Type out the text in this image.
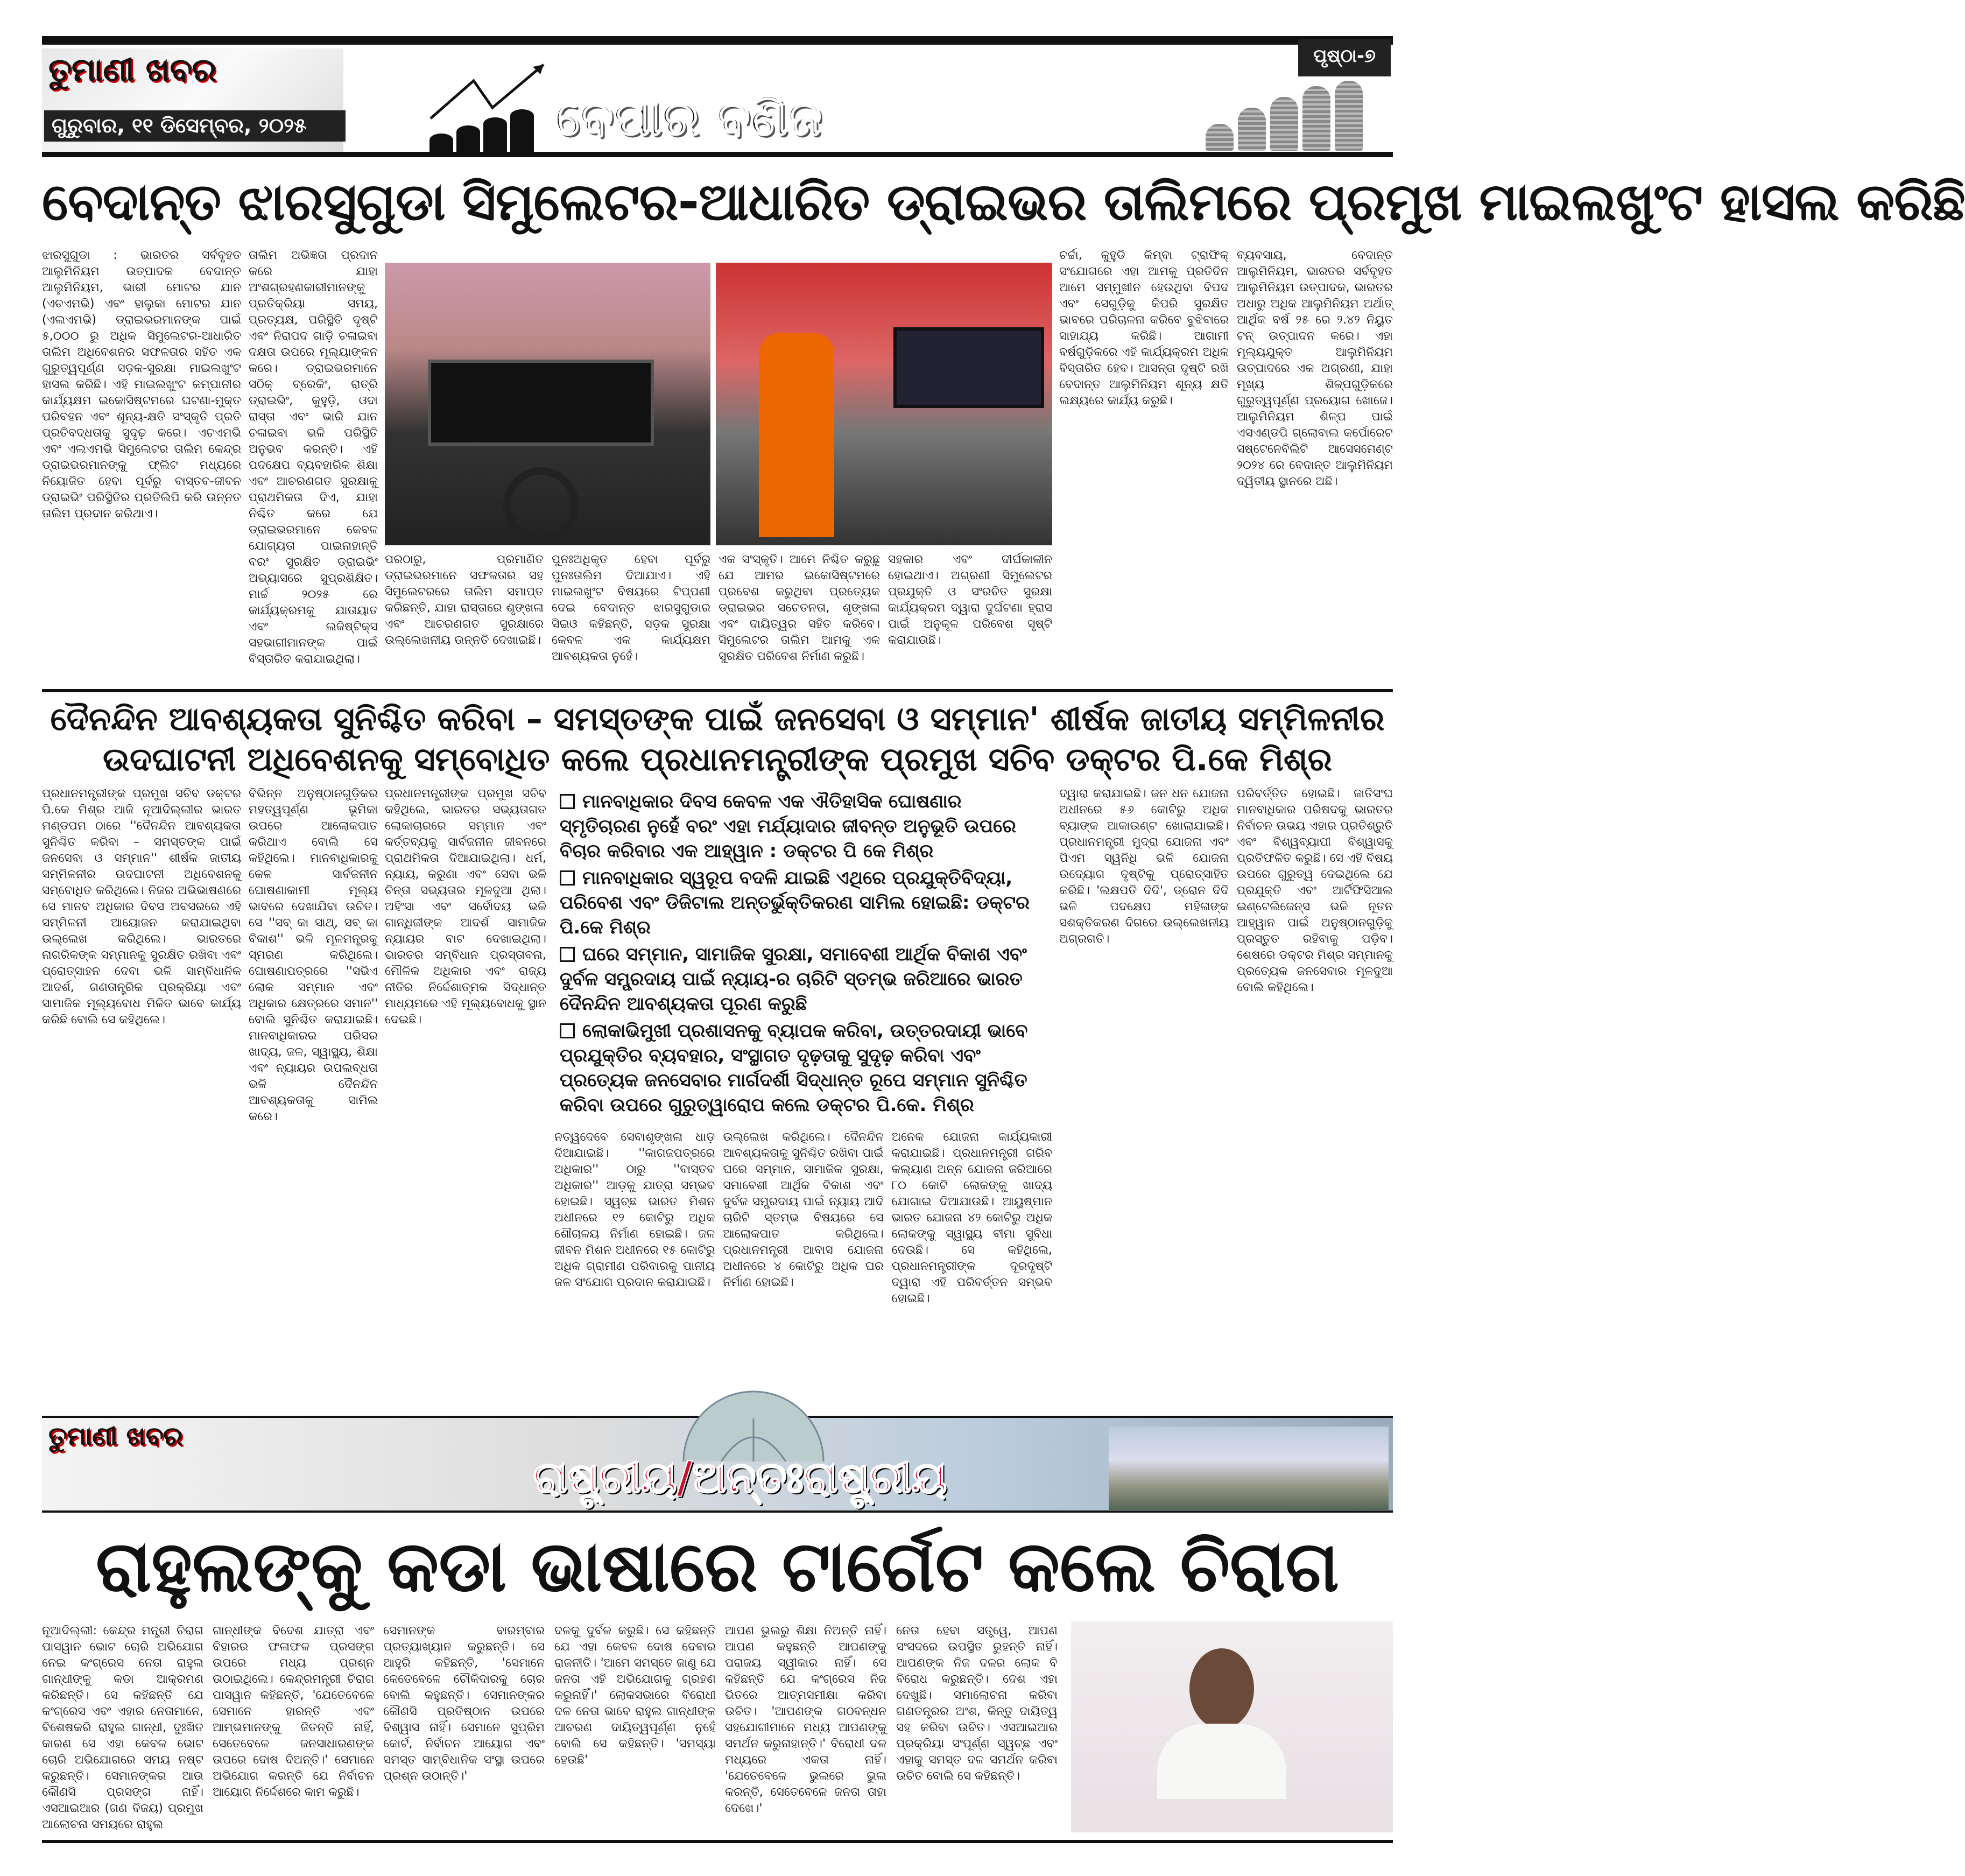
ତୁମାଣୀ ଖବର
ଗୁରୁବାର, ୧୧ ଡିସେମ୍ବର, ୨୦୨୫	ବେପାର ବଣିଜ
ପୃଷ୍ଠା-୭
ବେଦାନ୍ତ ଝାରସୁଗୁଡା ସିମୁଲେଟର-ଆଧାରିତ ଡ୍ରାଇଭର ତାଲିମରେ ପ୍ରମୁଖ ମାଇଲଖୁଂଟ ହାସଲ କରିଛି
ଝାରସୁଗୁଡା : ଭାରତର ସର୍ବବୃହତ ଆଲୁମିନିୟମ ଉତ୍ପାଦକ ବେଦାନ୍ତ ଆଲୁମିନିୟମ, ଭାରୀ ମୋଟର ଯାନ (ଏଚଏମଭି) ଏବଂ ହାଲୁକା ମୋଟର ଯାନ (ଏଲଏମଭି) ଡ୍ରାଇଭରମାନଙ୍କ ପାଇଁ ୫,୦୦୦ ରୁ ଅଧିକ ସିମୁଲେଟର-ଆଧାରିତ ତାଲିମ ଅଧିବେଶନର ସଫଳତାର ସହିତ ଏକ ଗୁରୁତ୍ୱପୂର୍ଣ୍ଣ ସଡ଼କ-ସୁରକ୍ଷା ମାଇଲଖୁଂଟ ହାସଲ କରିଛି। ଏହି ମାଇଲଖୁଂଟ କମ୍ପାନୀର କାର୍ଯ୍ୟକ୍ଷମ ଇକୋସିଷ୍ଟମରେ ଘଟଣା-ମୁକ୍ତ ପରିବହନ ଏବଂ ଶୂନ୍ୟ-କ୍ଷତି ସଂସ୍କୃତି ପ୍ରତି ପ୍ରତିବଦ୍ଧତାକୁ ସୁଦୃଢ଼ କରେ। ଏଚଏମଭି ଏବଂ ଏଲଏମଭି ସିମୁଲେଟର ତାଲିମ କେନ୍ଦ୍ର ଡ୍ରାଇଭରମାନଙ୍କୁ ଫ୍ଲିଟ ମଧ୍ୟରେ ନିୟୋଜିତ ହେବା ପୂର୍ବରୁ ବାସ୍ତବ-ଜୀବନ ଡ୍ରାଇଭିଂ ପରିସ୍ଥିତିର ପ୍ରତିଲିପି କରି ଉନ୍ନତ ତାଲିମ ପ୍ରଦାନ କରିଥାଏ।
ତାଲିମ ଅଭିଜ୍ଞତା ପ୍ରଦାନ କରେ ଯାହା ଅଂଶଗ୍ରହଣକାରୀମାନଙ୍କୁ ପ୍ରତିକ୍ରିୟା ସମୟ, ପ୍ରତ୍ୟକ୍ଷ, ପରିସ୍ଥିତି ଦୃଷ୍ଟି ଏବଂ ନିରାପଦ ଗାଡ଼ି ଚଳାଇବା ଦକ୍ଷତା ଉପରେ ମୂଲ୍ୟାଙ୍କନ କରେ। ଡ୍ରାଇଭରମାନେ ସଠିକ୍ ବ୍ରେକିଂ, ରାତ୍ରି ଡ୍ରାଇଭିଂ, କୁହୁଡ଼ି, ଓଦା ରାସ୍ତା ଏବଂ ଭାରି ଯାନ ଚଳାଇବା ଭଳି ପରିସ୍ଥିତି ଅନୁଭବ କରନ୍ତି। ଏହି ପଦକ୍ଷେପ ବ୍ୟବହାରିକ ଶିକ୍ଷା ଏବଂ ଆଚରଣଗତ ସୁରକ୍ଷାକୁ ପ୍ରାଥମିକତା ଦିଏ, ଯାହା ନିଶ୍ଚିତ କରେ ଯେ ଡ୍ରାଇଭରମାନେ କେବଳ ଯୋଗ୍ୟତା ପାଇନାହାନ୍ତି ବରଂ ସୁରକ୍ଷିତ ଡ୍ରାଇଭିଂ ଅଭ୍ୟାସରେ ସୁପ୍ରଶିକ୍ଷିତ। ମାର୍ଚ୍ଚ ୨୦୨୫ ରେ କାର୍ଯ୍ୟକ୍ରମକୁ ଯାତାୟାତ ଏବଂ ଲଜିଷ୍ଟିକ୍ସ ସହଭାଗୀମାନଙ୍କ ପାଇଁ ବିସ୍ତାରିତ କରାଯାଇଥିଲା।
ପରଠାରୁ, ପ୍ରମାଣିତ ଡ୍ରାଇଭରମାନେ ସଫଳତାର ସହ ସିମୁଲେଟରରେ ତାଲିମ ସମାପ୍ତ କରିଛନ୍ତି, ଯାହା ରାସ୍ତାରେ ଶୃଙ୍ଖଳା ଏବଂ ଆଚରଣଗତ ସୁରକ୍ଷାରେ ଉଲ୍ଲେଖନୀୟ ଉନ୍ନତି ଦେଖାଇଛି।
ପୁନଃଅଧିକୃତ ହେବା ପୂର୍ବରୁ ପୁନଃତାଲିମ ଦିଆଯାଏ। ଏହି ମାଇଲଖୁଂଟ ବିଷୟରେ ଟିପ୍ପଣୀ ଦେଇ ବେଦାନ୍ତ ଝାରସୁଗୁଡାର ସିଇଓ କହିଛନ୍ତି, ସଡ଼କ ସୁରକ୍ଷା କେବଳ ଏକ କାର୍ଯ୍ୟକ୍ଷମ ଆବଶ୍ୟକତା ନୁହେଁ।
ଏକ ସଂସ୍କୃତି। ଆମେ ନିଶ୍ଚିତ କରୁଛୁ ଯେ ଆମର ଇକୋସିଷ୍ଟମରେ ପ୍ରବେଶ କରୁଥିବା ପ୍ରତ୍ୟେକ ଡ୍ରାଇଭର ସଚେତନତା, ଶୃଙ୍ଖଳା ଏବଂ ଦାୟିତ୍ୱର ସହିତ କରିବେ। ସିମୁଲେଟର ତାଲିମ ଆମକୁ ଏକ ସୁରକ୍ଷିତ ପରିବେଶ ନିର୍ମାଣ କରୁଛି।
ସହକାର ଏବଂ ଦୀର୍ଘକାଳୀନ ହୋଇଥାଏ। ଅଗ୍ରଣୀ ସିମୁଲେଟର ପ୍ରଯୁକ୍ତି ଓ ସଂରଚିତ ସୁରକ୍ଷା କାର୍ଯ୍ୟକ୍ରମ ଦ୍ୱାରା ଦୁର୍ଘଟଣା ହ୍ରାସ ପାଇଁ ଅନୁକୂଳ ପରିବେଶ ସୃଷ୍ଟି କରାଯାଉଛି।
ଚର୍ଚ୍ଚା, କୁହୁଡି କିମ୍ବା ଟ୍ରାଫିକ୍ ସଂଯୋଗରେ ଏହା ଆମକୁ ପ୍ରତିଦିନ ଆମେ ସମ୍ମୁଖୀନ ହେଉଥିବା ବିପଦ ଏବଂ ସେଗୁଡ଼ିକୁ କିପରି ସୁରକ୍ଷିତ ଭାବରେ ପରିଚାଳନା କରିବେ ବୁଝିବାରେ ସାହାଯ୍ୟ କରିଛି। ଆଗାମୀ ବର୍ଷଗୁଡ଼ିକରେ ଏହି କାର୍ଯ୍ୟକ୍ରମ ଅଧିକ ବିସ୍ତାରିତ ହେବ। ଆସନ୍ତା ଦୃଷ୍ଟି ରଖି ବେଦାନ୍ତ ଆଲୁମିନିୟମ ଶୂନ୍ୟ କ୍ଷତି ଲକ୍ଷ୍ୟରେ କାର୍ଯ୍ୟ କରୁଛି।
ବ୍ୟବସାୟ, ବେଦାନ୍ତ ଆଲୁମିନିୟମ, ଭାରତର ସର୍ବବୃହତ ଆଲୁମିନିୟମ ଉତ୍ପାଦକ, ଭାରତର ଅଧାରୁ ଅଧିକ ଆଲୁମିନିୟମ ଅର୍ଥାତ୍ ଆର୍ଥିକ ବର୍ଷ ୨୫ ରେ ୨.୪୨ ନିୟୁତ ଟନ୍ ଉତ୍ପାଦନ କରେ। ଏହା ମୂଲ୍ୟଯୁକ୍ତ ଆଲୁମିନିୟମ ଉତ୍ପାଦରେ ଏକ ଅଗ୍ରଣୀ, ଯାହା ମୂଖ୍ୟ ଶିଳ୍ପଗୁଡ଼ିକରେ ଗୁରୁତ୍ୱପୂର୍ଣ୍ଣ ପ୍ରୟୋଗ ଖୋଜେ। ଆଲୁମିନିୟମ ଶିଳ୍ପ ପାଇଁ ଏସଏଣ୍ଡପି ଗ୍ଲୋବାଲ କର୍ପୋରେଟ ସଷ୍ଟେନେବିଲିଟି ଆସେସମେଣ୍ଟ ୨୦୨୪ ରେ ବେଦାନ୍ତ ଆଲୁମିନିୟମ ଦ୍ୱିତୀୟ ସ୍ଥାନରେ ଅଛି।
ଦୈନନ୍ଦିନ ଆବଶ୍ୟକତା ସୁନିଶ୍ଚିତ କରିବା – ସମସ୍ତଙ୍କ ପାଇଁ ଜନସେବା ଓ ସମ୍ମାନ' ଶୀର୍ଷକ ଜାତୀୟ ସମ୍ମିଳନୀର
ଉଦଘାଟନୀ ଅଧିବେଶନକୁ ସମ୍ବୋଧିତ କଲେ ପ୍ରଧାନମନ୍ତ୍ରୀଙ୍କ ପ୍ରମୁଖ ସଚିବ ଡକ୍ଟର ପି.କେ ମିଶ୍ର
ପ୍ରଧାନମନ୍ତ୍ରୀଙ୍କ ପ୍ରମୁଖ ସଚିବ ଡକ୍ଟର ପି.କେ ମିଶ୍ର ଆଜି ନୂଆଦିଲ୍ଲୀର ଭାରତ ମଣ୍ଡପମ ଠାରେ ''ଦୈନନ୍ଦିନ ଆବଶ୍ୟକତା ସୁନିଶ୍ଚିତ କରିବା – ସମସ୍ତଙ୍କ ପାଇଁ ଜନସେବା ଓ ସମ୍ମାନ'' ଶୀର୍ଷକ ଜାତୀୟ ସମ୍ମିଳନୀର ଉଦଘାଟନୀ ଅଧିବେଶନକୁ ସମ୍ବୋଧିତ କରିଥିଲେ। ନିଜର ଅଭିଭାଷଣରେ ସେ ମାନବ ଅଧିକାର ଦିବସ ଅବସରରେ ଏହି ସମ୍ମିଳନୀ ଆୟୋଜନ କରାଯାଇଥିବା ଉଲ୍ଲେଖ କରିଥିଲେ। ଭାରତରେ ନାଗରିକଙ୍କ ସମ୍ମାନକୁ ସୁରକ୍ଷିତ ରଖିବା ଏବଂ ପ୍ରୋତ୍ସାହନ ଦେବା ଭଳି ସାମ୍ବିଧାନିକ ଆଦର୍ଶ, ଗଣତାନ୍ତ୍ରିକ ପ୍ରକ୍ରିୟା ଏବଂ ସାମାଜିକ ମୂଲ୍ୟବୋଧ ମିଳିତ ଭାବେ କାର୍ଯ୍ୟ କରିଛି ବୋଲି ସେ କହିଥିଲେ।
ବିଭିନ୍ନ ଅନୁଷ୍ଠାନଗୁଡ଼ିକର ମହତ୍ୱପୂର୍ଣ୍ଣ ଭୂମିକା ଉପରେ ଆଲୋକପାତ କରିଥାଏ ବୋଲି ସେ କହିଥିଲେ। ମାନବାଧିକାରକୁ କେଳ ସାର୍ବଜନୀନ ଘୋଷଣାକାମୀ ମୂଲ୍ୟ ଭାବରେ ଦେଖାଯିବା ଉଚିତ। ସେ ''ସବ୍ କା ସାଥ୍, ସବ୍ କା ବିକାଶ'' ଭଳି ମୂଳମନ୍ତ୍ରକୁ ସ୍ମରଣ କରିଥିଲେ। ଘୋଷଣାପତ୍ରରେ ''ସଭିଏ ଲୋକ ସମ୍ମାନ ଏବଂ ଅଧିକାର କ୍ଷେତ୍ରରେ ସମାନ'' ବୋଲି ସୁନିଶ୍ଚିତ କରାଯାଇଛି। ମାନବାଧିକାରର ପରିସର ଖାଦ୍ୟ, ଜଳ, ସ୍ୱାସ୍ଥ୍ୟ, ଶିକ୍ଷା ଏବଂ ନ୍ୟାୟର ଉପଲବ୍ଧତା ଭଳି ଦୈନନ୍ଦିନ ଆବଶ୍ୟକତାକୁ ସାମିଲ କରେ।
ପ୍ରଧାନମନ୍ତ୍ରୀଙ୍କ ପ୍ରମୁଖ ସଚିବ କହିଥିଲେ, ଭାରତର ସଭ୍ୟତାଗତ ଲୋକାଚାରରେ ସମ୍ମାନ ଏବଂ କର୍ତ୍ତବ୍ୟକୁ ସାର୍ବଜନୀନ ଜୀବନରେ ପ୍ରାଥମିକତା ଦିଆଯାଇଥିଲା। ଧର୍ମ, ନ୍ୟାୟ, କରୁଣା ଏବଂ ସେବା ଭଳି ଚିନ୍ତା ସଭ୍ୟତାର ମୂଳଦୁଆ ଥିଲା। ଅହିଂସା ଏବଂ ସର୍ବୋଦୟ ଭଳି ଗାନ୍ଧିଜୀଙ୍କ ଆଦର୍ଶ ସାମାଜିକ ନ୍ୟାୟର ବାଟ ଦେଖାଇଥିଲା। ଭାରତର ସମ୍ବିଧାନ ପ୍ରସ୍ତାବନା, ମୌଳିକ ଅଧିକାର ଏବଂ ରାଜ୍ୟ ନୀତିର ନିର୍ଦ୍ଦେଶାତ୍ମକ ସିଦ୍ଧାନ୍ତ ମାଧ୍ୟମରେ ଏହି ମୂଲ୍ୟବୋଧକୁ ସ୍ଥାନ ଦେଇଛି।

ମାନବାଧିକାର ଦିବସ କେବଳ ଏକ ଐତିହାସିକ ଘୋଷଣାର ସ୍ମୃତିଚାରଣ ନୁହେଁ ବରଂ ଏହା ମର୍ଯ୍ୟାଦାର ଜୀବନ୍ତ ଅନୁଭୂତି ଉପରେ ବିଚାର କରିବାର ଏକ ଆହ୍ୱାନ : ଡକ୍ଟର ପି କେ ମିଶ୍ର

ମାନବାଧିକାର ସ୍ୱରୂପ ବଦଳି ଯାଇଛି ଏଥିରେ ପ୍ରଯୁକ୍ତିବିଦ୍ୟା, ପରିବେଶ ଏବଂ ଡିଜିଟାଲ ଅନ୍ତର୍ଭୁକ୍ତିକରଣ ସାମିଲ ହୋଇଛି: ଡକ୍ଟର ପି.କେ ମିଶ୍ର

ଘରେ ସମ୍ମାନ, ସାମାଜିକ ସୁରକ୍ଷା, ସମାବେଶୀ ଆର୍ଥିକ ବିକାଶ ଏବଂ ଦୁର୍ବଳ ସମ୍ପ୍ରଦାୟ ପାଇଁ ନ୍ୟାୟ-ର ଚାରିଟି ସ୍ତମ୍ଭ ଜରିଆରେ ଭାରତ ଦୈନନ୍ଦିନ ଆବଶ୍ୟକତା ପୂରଣ କରୁଛି

ଲୋକାଭିମୁଖୀ ପ୍ରଶାସନକୁ ବ୍ୟାପକ କରିବା, ଉତ୍ତରଦାୟୀ ଭାବେ ପ୍ରଯୁକ୍ତିର ବ୍ୟବହାର, ସଂସ୍ଥାଗତ ଦୃଢ଼ତାକୁ ସୁଦୃଢ଼ କରିବା ଏବଂ ପ୍ରତ୍ୟେକ ଜନସେବାର ମାର୍ଗଦର୍ଶୀ ସିଦ୍ଧାନ୍ତ ରୂପେ ସମ୍ମାନ ସୁନିଶ୍ଚିତ କରିବା ଉପରେ ଗୁରୁତ୍ୱାରୋପ କଲେ ଡକ୍ଟର ପି.କେ. ମିଶ୍ର

ନତ୍ୱଦେବେ ସେବାଶୃଙ୍ଖଳା ଧାଡ଼ ଦିଆଯାଇଛି। ''କାଗଜପତ୍ରରେ ଅଧିକାର'' ଠାରୁ ''ବାସ୍ତବ ଅଧିକାର'' ଆଡ଼କୁ ଯାତ୍ରା ସମ୍ଭବ ହୋଇଛି। ସ୍ୱଚ୍ଛ ଭାରତ ମିଶନ ଅଧୀନରେ ୧୨ କୋଟିରୁ ଅଧିକ ଶୌଚାଳୟ ନିର୍ମାଣ ହୋଇଛି। ଜଳ ଜୀବନ ମିଶନ ଅଧୀନରେ ୧୫ କୋଟିରୁ ଅଧିକ ଗ୍ରାମୀଣ ପରିବାରକୁ ପାନୀୟ ଜଳ ସଂଯୋଗ ପ୍ରଦାନ କରାଯାଇଛି।
ଉଲ୍ଲେଖ କରିଥିଲେ। ଦୈନନ୍ଦିନ ଆବଶ୍ୟକତାକୁ ସୁନିଶ୍ଚିତ ରଖିବା ପାଇଁ ଘରେ ସମ୍ମାନ, ସାମାଜିକ ସୁରକ୍ଷା, ସମାବେଶୀ ଆର୍ଥିକ ବିକାଶ ଏବଂ ଦୁର୍ବଳ ସମ୍ପ୍ରଦାୟ ପାଇଁ ନ୍ୟାୟ ଆଦି ଚାରିଟି ସ୍ତମ୍ଭ ବିଷୟରେ ସେ ଆଲୋକପାତ କରିଥିଲେ। ପ୍ରଧାନମନ୍ତ୍ରୀ ଆବାସ ଯୋଜନା ଅଧୀନରେ ୪ କୋଟିରୁ ଅଧିକ ଘର ନିର୍ମାଣ ହୋଇଛି।
ଅନେକ ଯୋଜନା କାର୍ଯ୍ୟକାରୀ କରାଯାଇଛି। ପ୍ରଧାନମନ୍ତ୍ରୀ ଗରିବ କଲ୍ୟାଣ ଅନ୍ନ ଯୋଜନା ଜରିଆରେ ୮୦ କୋଟି ଲୋକଙ୍କୁ ଖାଦ୍ୟ ଯୋଗାଇ ଦିଆଯାଉଛି। ଆୟୁଷ୍ମାନ ଭାରତ ଯୋଜନା ୪୨ କୋଟିରୁ ଅଧିକ ଲୋକଙ୍କୁ ସ୍ୱାସ୍ଥ୍ୟ ବୀମା ସୁବିଧା ଦେଉଛି। ସେ କହିଥିଲେ, ପ୍ରଧାନମନ୍ତ୍ରୀଙ୍କ ଦୂରଦୃଷ୍ଟି ଦ୍ୱାରା ଏହି ପରିବର୍ତ୍ତନ ସମ୍ଭବ ହୋଇଛି।
ଦ୍ୱାରା କରାଯାଇଛି। ଜନ ଧନ ଯୋଜନା ଅଧୀନରେ ୫୬ କୋଟିରୁ ଅଧିକ ବ୍ୟାଙ୍କ ଆକାଉଣ୍ଟ ଖୋଲାଯାଇଛି। ପ୍ରଧାନମନ୍ତ୍ରୀ ମୁଦ୍ରା ଯୋଜନା ଏବଂ ପିଏମ ସ୍ୱନିଧି ଭଳି ଯୋଜନା ଉଦ୍ୟୋଗ ଦୃଷ୍ଟିକୁ ପ୍ରୋତ୍ସାହିତ କରିଛି। 'ଲକ୍ଷପତି ଦିଦି', ଡ୍ରୋନ ଦିଦି ଭଳି ପଦକ୍ଷେପ ମହିଳାଙ୍କ ସଶକ୍ତିକରଣ ଦିଗରେ ଉଲ୍ଲେଖନୀୟ ଅଗ୍ରଗତି।
ପରିବର୍ତ୍ତିତ ହୋଇଛି। ଜାତିସଂଘ ମାନବାଧିକାର ପରିଷଦକୁ ଭାରତର ନିର୍ବାଚନ ଉଭୟ ଏହାର ପ୍ରତିଶ୍ରୁତି ଏବଂ ବିଶ୍ୱବ୍ୟାପୀ ବିଶ୍ୱାସକୁ ପ୍ରତିଫଳିତ କରୁଛି। ସେ ଏହି ବିଷୟ ଉପରେ ଗୁରୁତ୍ୱ ଦେଇଥିଲେ ଯେ ପ୍ରଯୁକ୍ତି ଏବଂ ଆର୍ଟିଫିସିଆଲ ଇଣ୍ଟେଲିଜେନ୍ସ ଭଳି ନୂତନ ଆହ୍ୱାନ ପାଇଁ ଅନୁଷ୍ଠାନଗୁଡ଼ିକୁ ପ୍ରସ୍ତୁତ ରହିବାକୁ ପଡ଼ିବ। ଶେଷରେ ଡକ୍ଟର ମିଶ୍ର ସମ୍ମାନକୁ ପ୍ରତ୍ୟେକ ଜନସେବାର ମୂଳଦୁଆ ବୋଲି କହିଥିଲେ।
ତୁମାଣୀ ଖବର
ରାଷ୍ଟ୍ରୀୟ/ଅନ୍ତଃରାଷ୍ଟ୍ରୀୟ
ରାହୁଲଙ୍କୁ କଡା ଭାଷାରେ ଟାର୍ଗେଟ କଲେ ଚିରାଗ
ନୂଆଦିଲ୍ଲୀ: କେନ୍ଦ୍ର ମନ୍ତ୍ରୀ ଚିରାଗ ପାସୱାନ ଭୋଟ ଚୋରି ଅଭିଯୋଗ ନେଇ କଂଗ୍ରେସ ନେତା ରାହୁଲ ଗାନ୍ଧୀଙ୍କୁ କଡା ଆକ୍ରମଣ କରିଛନ୍ତି। ସେ କହିଛନ୍ତି ଯେ କଂଗ୍ରେସ ଏବଂ ଏହାର ନେତାମାନେ, ବିଶେଷକରି ରାହୁଲ ଗାନ୍ଧୀ, ଦୁଃଖିତ କାରଣ ସେ ଏହା କେବଳ ଭୋଟ ଚୋରି ଅଭିଯୋଗରେ ସମୟ ନଷ୍ଟ କରୁଛନ୍ତି। ସେମାନଙ୍କର ଆଉ କୌଣସି ପ୍ରସଙ୍ଗ ନାହିଁ। ଏସଆଇଆର (ଗଣ ବିଜୟ) ପ୍ରମୁଖ ଆଲୋଚନା ସମୟରେ ରାହୁଲ
ଗାନ୍ଧୀଙ୍କ ବିଦେଶ ଯାତ୍ରା ଏବଂ ବିହାରର ଫଳାଫଳ ପ୍ରସଙ୍ଗ ଉପରେ ମଧ୍ୟ ପ୍ରଶ୍ନ ଉଠାଇଥିଲେ। କେନ୍ଦ୍ରମନ୍ତ୍ରୀ ଚିରାଗ ପାସୱାନ କହିଛନ୍ତି, 'ଯେତେବେଳେ ସେମାନେ ହାରନ୍ତି ଏବଂ ଆମ୍ଭମାନଙ୍କୁ ଜିତନ୍ତି ନାହିଁ, ସେତେବେଳେ ଜନସାଧାରଣଙ୍କ ଉପରେ ଦୋଷ ଦିଅନ୍ତି।' ସେମାନେ ଅଭିଯୋଗ କରନ୍ତି ଯେ ନିର୍ବାଚନ ଆୟୋଗ ନିର୍ଦ୍ଦେଶରେ କାମ କରୁଛି।
ସେମାନଙ୍କ ବାରମ୍ବାର ପ୍ରତ୍ୟାଖ୍ୟାନ କରୁଛନ୍ତି। ସେ ଆହୁରି କହିଛନ୍ତି, 'ସେମାନେ କେତେବେଳେ ଚୌକିଦାରକୁ ଚୋର ବୋଲି କହୁଛନ୍ତି। ସେମାନଙ୍କର କୌଣସି ପ୍ରତିଷ୍ଠାନ ଉପରେ ବିଶ୍ୱାସ ନାହିଁ। ସେମାନେ ସୁପ୍ରିମ କୋର୍ଟ, ନିର୍ବାଚନ ଆୟୋଗ ଏବଂ ସମସ୍ତ ସାମ୍ବିଧାନିକ ସଂସ୍ଥା ଉପରେ ପ୍ରଶ୍ନ ଉଠାନ୍ତି।'
ଦଳକୁ ଦୁର୍ବଳ କରୁଛି। ସେ କହିଛନ୍ତି ଯେ ଏହା କେବଳ ଦୋଷ ଦେବାର ରାଜନୀତି। 'ଆମେ ସମସ୍ତେ ଜାଣୁ ଯେ ଜନତା ଏହି ଅଭିଯୋଗକୁ ଗ୍ରହଣ କରୁନାହିଁ।' ଲୋକସଭାରେ ବିରୋଧୀ ଦଳ ନେତା ଭାବେ ରାହୁଲ ଗାନ୍ଧୀଙ୍କ ଆଚରଣ ଦାୟିତ୍ୱପୂର୍ଣ୍ଣ ନୁହେଁ ବୋଲି ସେ କହିଛନ୍ତି। 'ସମସ୍ୟା ହେଉଛି'
ଆପଣ ଭୁଲରୁ ଶିକ୍ଷା ନିଅନ୍ତି ନାହିଁ। ଆପଣ କହୁଛନ୍ତି ଆପଣଙ୍କୁ ପରାଜୟ ସ୍ୱୀକାର ନାହିଁ। ସେ କହିଛନ୍ତି ଯେ କଂଗ୍ରେସ ନିଜ ଭିତରେ ଆତ୍ମସମୀକ୍ଷା କରିବା ଉଚିତ। 'ଆପଣଙ୍କ ଗଠବନ୍ଧନ ସହଯୋଗୀମାନେ ମଧ୍ୟ ଆପଣଙ୍କୁ ସମର୍ଥନ କରୁନାହାନ୍ତି।' ବିରୋଧୀ ଦଳ ମଧ୍ୟରେ ଏକତା ନାହିଁ। 'ଯେତେବେଳେ ଭୁଲରେ ଭୁଲ କରନ୍ତି, ସେତେବେଳେ ଜନତା ତାହା ଦେଖେ।'
ନେତା ହେବା ସତ୍ତ୍ୱେ, ଆପଣ ସଂସଦରେ ଉପସ୍ଥିତ ରୁହନ୍ତି ନାହିଁ। ଆପଣଙ୍କ ନିଜ ଦଳର ଲୋକ ବି ବିରୋଧ କରୁଛନ୍ତି। ଦେଶ ଏହା ଦେଖୁଛି। ସମାଲୋଚନା କରିବା ଗଣତନ୍ତ୍ରର ଅଂଶ, କିନ୍ତୁ ଦାୟିତ୍ୱ ସହ କରିବା ଉଚିତ। ଏସଆଇଆର ପ୍ରକ୍ରିୟା ସଂପୂର୍ଣ୍ଣ ସ୍ୱଚ୍ଛ ଏବଂ ଏହାକୁ ସମସ୍ତ ଦଳ ସମର୍ଥନ କରିବା ଉଚିତ ବୋଲି ସେ କହିଛନ୍ତି।
